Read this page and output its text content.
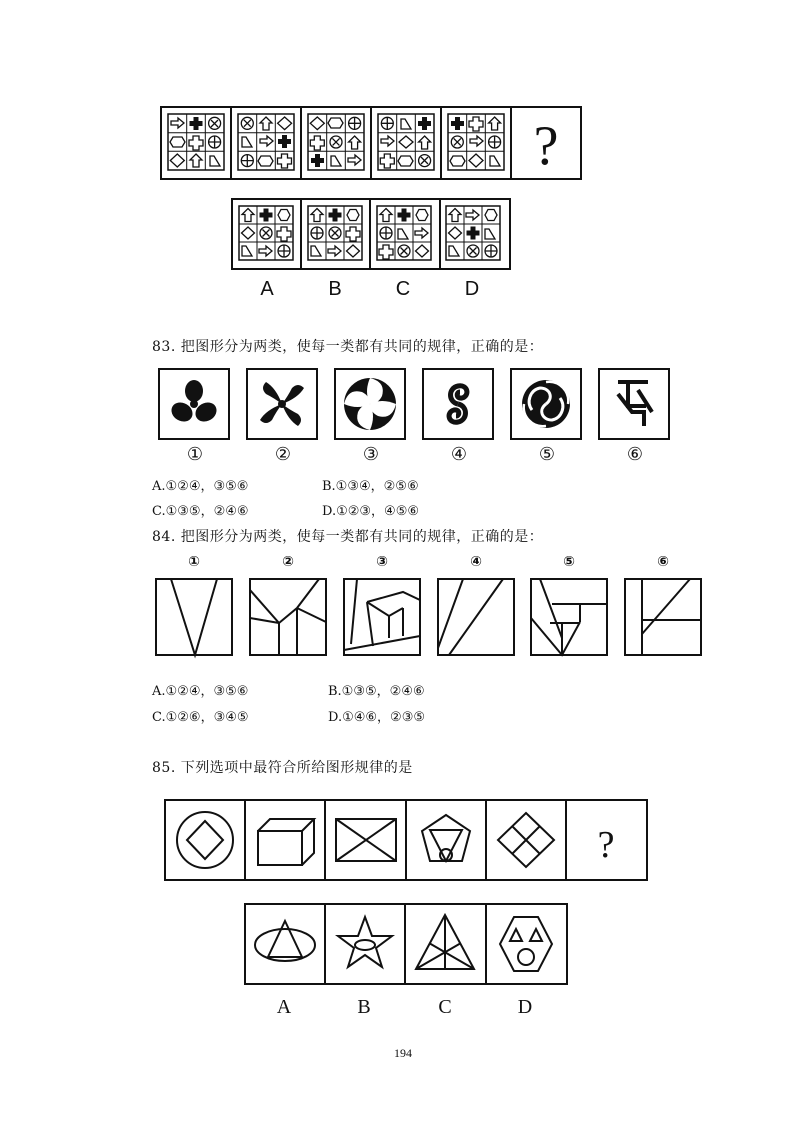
?
A	B	C	D
83. 把图形分为两类，使每一类都有共同的规律，正确的是：
①	②	③	④	⑤	⑥
A.①②④，③⑤⑥	B.①③④，②⑤⑥
C.①③⑤，②④⑥	D.①②③，④⑤⑥
84. 把图形分为两类，使每一类都有共同的规律，正确的是：
①	②	③	④	⑤	⑥
A.①②④，③⑤⑥	B.①③⑤，②④⑥
C.①②⑥，③④⑤	D.①④⑥，②③⑤
85. 下列选项中最符合所给图形规律的是
?
A	B	C	D
194
